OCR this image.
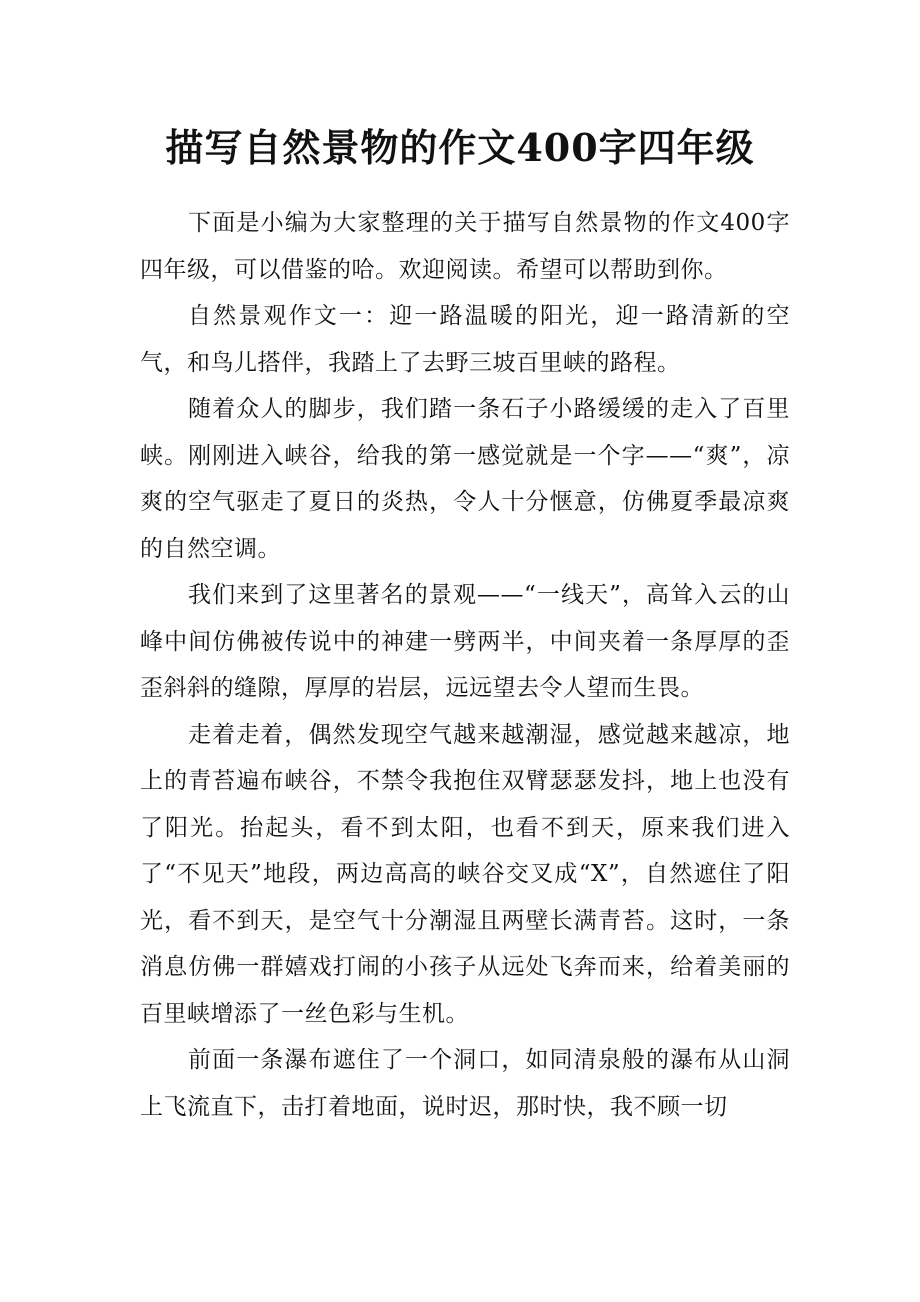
描写自然景物的作文400字四年级

下面是小编为大家整理的关于描写自然景物的作文400字四年级，可以借鉴的哈。欢迎阅读。希望可以帮助到你。

自然景观作文一：迎一路温暖的阳光，迎一路清新的空气，和鸟儿搭伴，我踏上了去野三坡百里峡的路程。

随着众人的脚步，我们踏一条石子小路缓缓的走入了百里峡。刚刚进入峡谷，给我的第一感觉就是一个字——“爽”，凉爽的空气驱走了夏日的炎热，令人十分惬意，仿佛夏季最凉爽的自然空调。

我们来到了这里著名的景观——“一线天”，高耸入云的山峰中间仿佛被传说中的神建一劈两半，中间夹着一条厚厚的歪歪斜斜的缝隙，厚厚的岩层，远远望去令人望而生畏。

走着走着，偶然发现空气越来越潮湿，感觉越来越凉，地上的青苔遍布峡谷，不禁令我抱住双臂瑟瑟发抖，地上也没有了阳光。抬起头，看不到太阳，也看不到天，原来我们进入了“不见天”地段，两边高高的峡谷交叉成“X”，自然遮住了阳光，看不到天，是空气十分潮湿且两壁长满青苔。这时，一条消息仿佛一群嬉戏打闹的小孩子从远处飞奔而来，给着美丽的百里峡增添了一丝色彩与生机。

前面一条瀑布遮住了一个洞口，如同清泉般的瀑布从山洞上飞流直下，击打着地面，说时迟，那时快，我不顾一切
